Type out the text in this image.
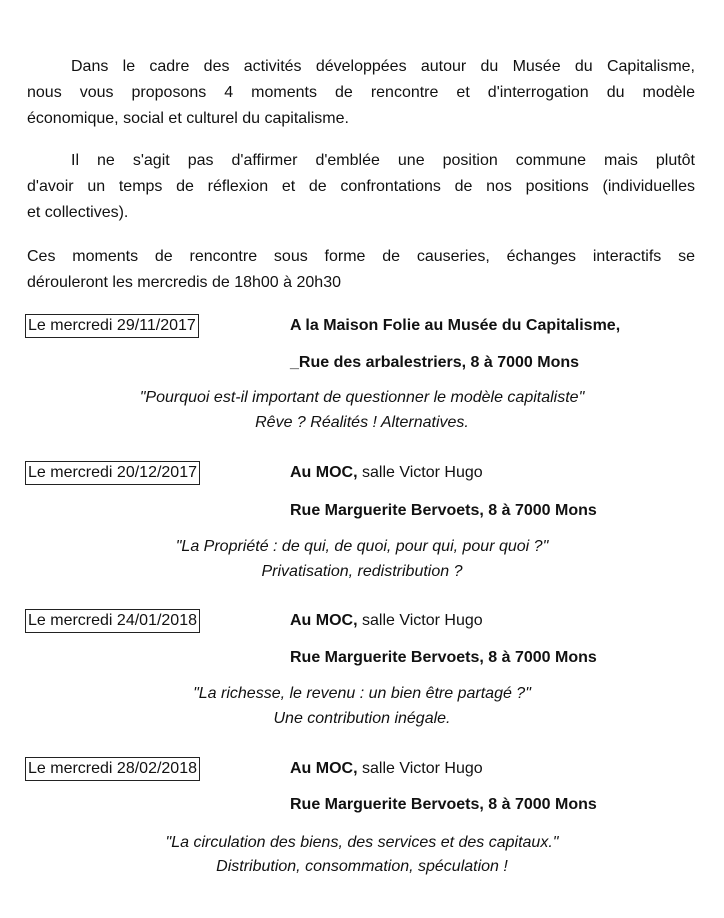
Dans le cadre des activités développées autour du Musée du Capitalisme,
nous vous proposons 4 moments de rencontre et d'interrogation du modèle
économique, social et culturel du capitalisme.
Il ne s'agit pas d'affirmer d'emblée une position commune mais plutôt
d'avoir un temps de réflexion et de confrontations de nos positions (individuelles
et collectives).
Ces moments de rencontre sous forme de causeries, échanges interactifs se
dérouleront les mercredis de 18h00 à 20h30
Le mercredi 29/11/2017	A la Maison Folie au Musée du Capitalisme,
_Rue des arbalestriers, 8 à 7000 Mons
"Pourquoi est-il important de questionner le modèle capitaliste"
Rêve ? Réalités ! Alternatives.
Le mercredi 20/12/2017	Au MOC, salle Victor Hugo
Rue Marguerite Bervoets, 8 à 7000 Mons
"La Propriété : de qui, de quoi, pour qui, pour quoi ?"
Privatisation, redistribution ?
Le mercredi 24/01/2018	Au MOC, salle Victor Hugo
Rue Marguerite Bervoets, 8 à 7000 Mons
"La richesse, le revenu : un bien être partagé ?"
Une contribution inégale.
Le mercredi 28/02/2018	Au MOC, salle Victor Hugo
Rue Marguerite Bervoets, 8 à 7000 Mons
"La circulation des biens, des services et des capitaux."
Distribution, consommation, spéculation !
